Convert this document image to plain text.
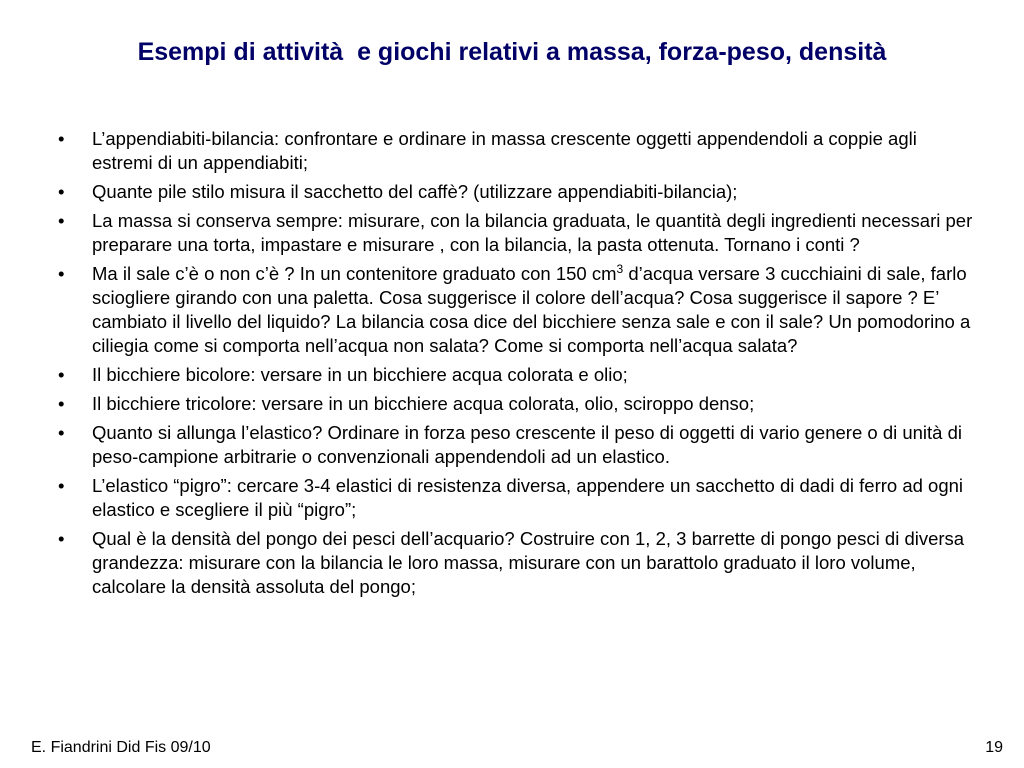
Esempi di attività  e giochi relativi a massa, forza-peso, densità
• L’appendiabiti-bilancia: confrontare e ordinare in massa crescente oggetti appendendoli a coppie agli estremi di un appendiabiti;
• Quante pile stilo misura il sacchetto del caffè? (utilizzare appendiabiti-bilancia);
• La massa si conserva sempre: misurare, con la bilancia graduata, le quantità degli ingredienti necessari per preparare una torta, impastare e misurare , con la bilancia, la pasta ottenuta. Tornano i conti ?
• Ma il sale c’è o non c’è ? In un contenitore graduato con 150 $cm^3$ d’acqua versare 3 cucchiaini di sale, farlo sciogliere girando con una paletta. Cosa suggerisce il colore dell’acqua? Cosa suggerisce il sapore ? E’ cambiato il livello del liquido? La bilancia cosa dice del bicchiere senza sale e con il sale? Un pomodorino a ciliegia come si comporta nell’acqua non salata? Come si comporta nell’acqua salata?
• Il bicchiere bicolore: versare in un bicchiere acqua colorata e olio;
• Il bicchiere tricolore: versare in un bicchiere acqua colorata, olio, sciroppo denso;
• Quanto si allunga l’elastico? Ordinare in forza peso crescente il peso di oggetti di vario genere o di unità di peso-campione arbitrarie o convenzionali appendendoli ad un elastico.
• L’elastico “pigro”: cercare 3-4 elastici di resistenza diversa, appendere un sacchetto di dadi di ferro ad ogni elastico e scegliere il più “pigro”;
• Qual è la densità del pongo dei pesci dell’acquario? Costruire con 1, 2, 3 barrette di pongo pesci di diversa grandezza: misurare con la bilancia le loro massa, misurare con un barattolo graduato il loro volume, calcolare la densità assoluta del pongo;
E. Fiandrini Did Fis 09/10	19
